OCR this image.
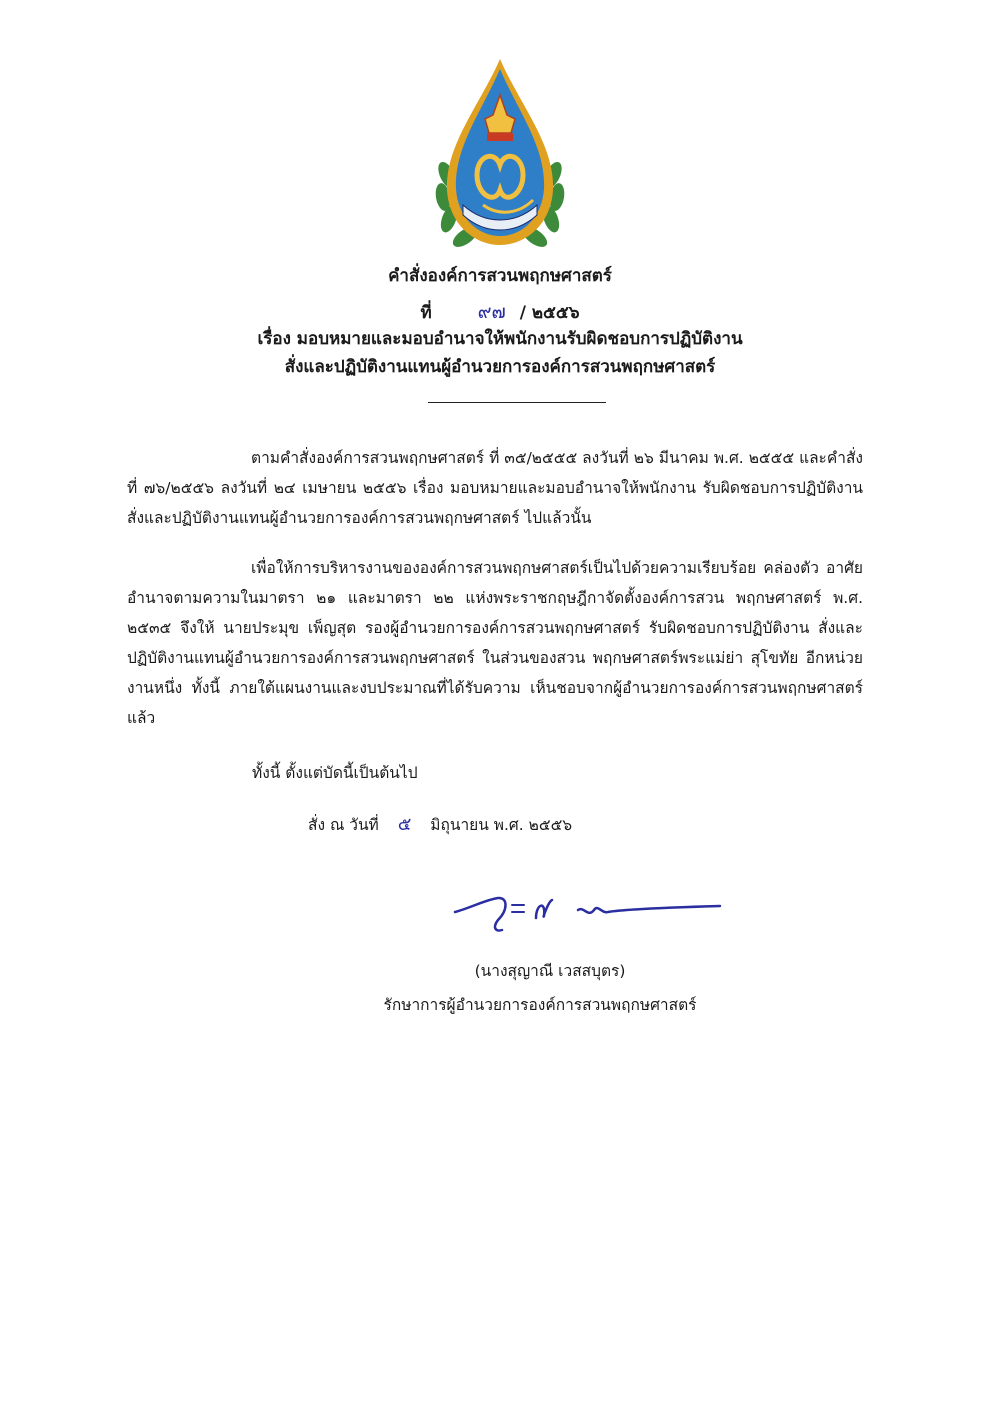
คำสั่งองค์การสวนพฤกษศาสตร์
ที่ ๙๗ / ๒๕๕๖
เรื่อง มอบหมายและมอบอำนาจให้พนักงานรับผิดชอบการปฏิบัติงาน
สั่งและปฏิบัติงานแทนผู้อำนวยการองค์การสวนพฤกษศาสตร์
ตามคำสั่งองค์การสวนพฤกษศาสตร์ ที่ ๓๕/๒๕๕๕ ลงวันที่ ๒๖ มีนาคม พ.ศ. ๒๕๕๕ และคำสั่งที่ ๗๖/๒๕๕๖ ลงวันที่ ๒๔ เมษายน ๒๕๕๖ เรื่อง มอบหมายและมอบอำนาจให้พนักงาน รับผิดชอบการปฏิบัติงาน สั่งและปฏิบัติงานแทนผู้อำนวยการองค์การสวนพฤกษศาสตร์ ไปแล้วนั้น
เพื่อให้การบริหารงานขององค์การสวนพฤกษศาสตร์เป็นไปด้วยความเรียบร้อย คล่องตัว อาศัยอำนาจตามความในมาตรา ๒๑ และมาตรา ๒๒ แห่งพระราชกฤษฎีกาจัดตั้งองค์การสวน พฤกษศาสตร์ พ.ศ. ๒๕๓๕ จึงให้ นายประมุข เพ็ญสุต รองผู้อำนวยการองค์การสวนพฤกษศาสตร์ รับผิดชอบการปฏิบัติงาน สั่งและปฏิบัติงานแทนผู้อำนวยการองค์การสวนพฤกษศาสตร์ ในส่วนของสวน พฤกษศาสตร์พระแม่ย่า สุโขทัย อีกหน่วยงานหนึ่ง ทั้งนี้ ภายใต้แผนงานและงบประมาณที่ได้รับความ เห็นชอบจากผู้อำนวยการองค์การสวนพฤกษศาสตร์แล้ว
ทั้งนี้ ตั้งแต่บัดนี้เป็นต้นไป
สั่ง ณ วันที่ ๕ มิถุนายน พ.ศ. ๒๕๕๖
(นางสุญาณี เวสสบุตร)
รักษาการผู้อำนวยการองค์การสวนพฤกษศาสตร์
